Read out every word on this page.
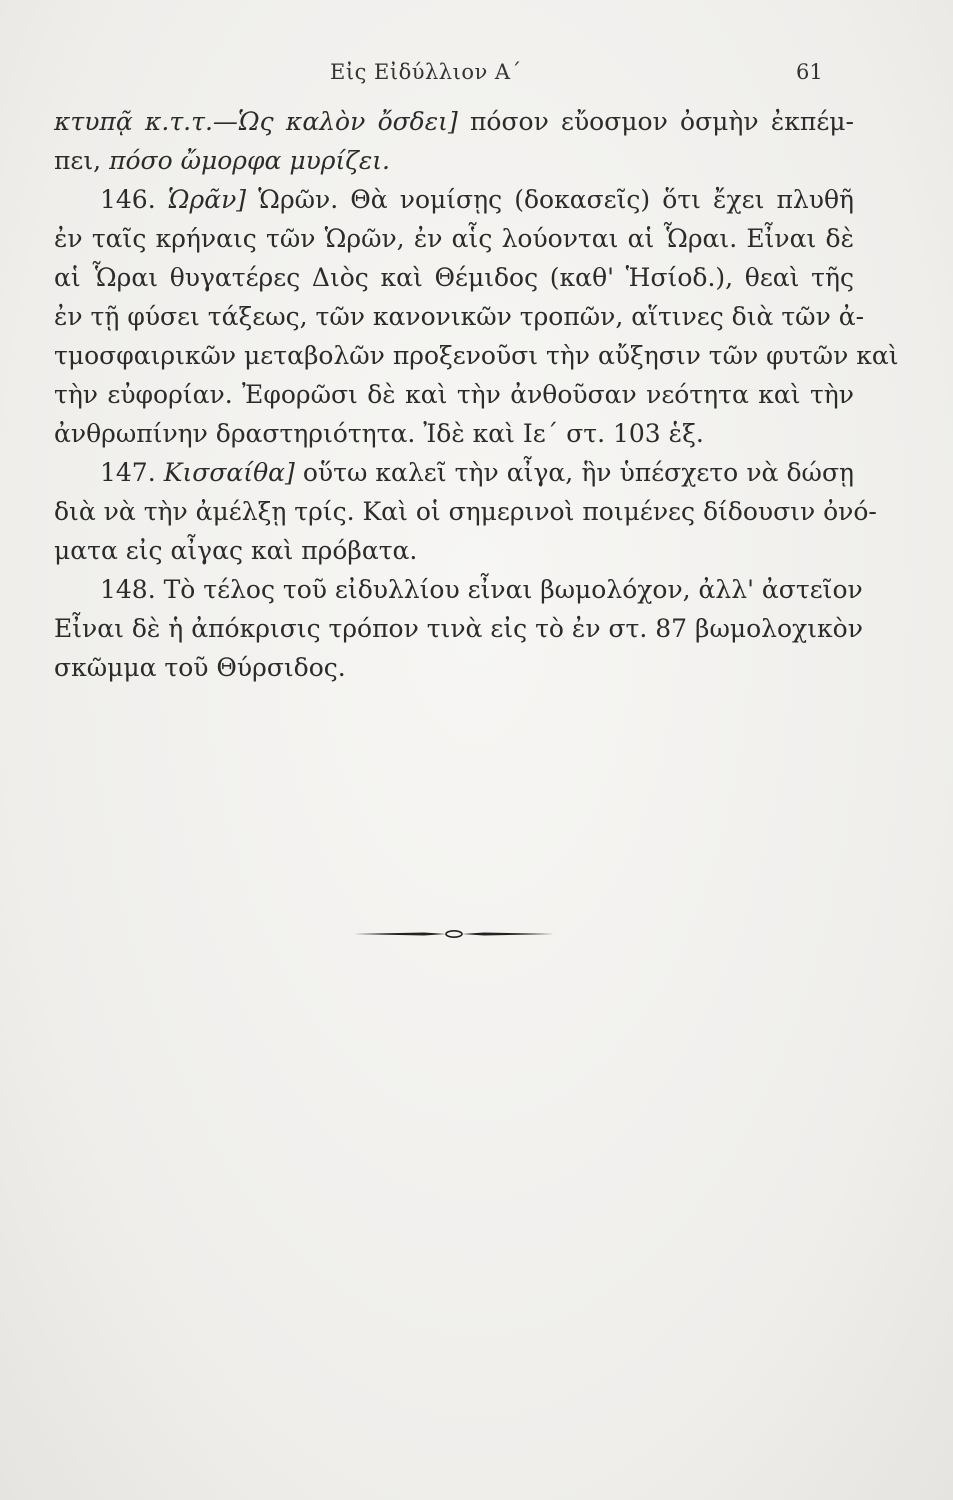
Εἰς Εἰδύλλιον Α΄	61
κτυπᾷ κ.τ.τ.—Ὡς καλὸν ὄσδει] πόσον εὔοσμον ὀσμὴν ἐκπέμ-
πει, πόσο ὤμορφα μυρίζει.
146. Ὡρᾶν] Ὡρῶν. Θὰ νομίσῃς (δοκασεῖς) ὅτι ἔχει πλυθῆ
ἐν ταῖς κρήναις τῶν Ὡρῶν, ἐν αἷς λούονται αἱ Ὧραι. Εἶναι δὲ
αἱ Ὧραι θυγατέρες Διὸς καὶ Θέμιδος (καθ' Ἡσίοδ.), θεαὶ τῆς
ἐν τῇ φύσει τάξεως, τῶν κανονικῶν τροπῶν, αἵτινες διὰ τῶν ἀ-
τμοσφαιρικῶν μεταβολῶν προξενοῦσι τὴν αὔξησιν τῶν φυτῶν καὶ
τὴν εὐφορίαν. Ἐφορῶσι δὲ καὶ τὴν ἀνθοῦσαν νεότητα καὶ τὴν
ἀνθρωπίνην δραστηριότητα. Ἰδὲ καὶ Ιε΄ στ. 103 ἑξ.
147. Κισσαίθα] οὕτω καλεῖ τὴν αἶγα, ἣν ὑπέσχετο νὰ δώσῃ
διὰ νὰ τὴν ἀμέλξῃ τρίς. Καὶ οἱ σημερινοὶ ποιμένες δίδουσιν ὀνό-
ματα εἰς αἶγας καὶ πρόβατα.
148. Τὸ τέλος τοῦ εἰδυλλίου εἶναι βωμολόχον, ἀλλ' ἀστεῖον
Εἶναι δὲ ἡ ἀπόκρισις τρόπον τινὰ εἰς τὸ ἐν στ. 87 βωμολοχικὸν
σκῶμμα τοῦ Θύρσιδος.
